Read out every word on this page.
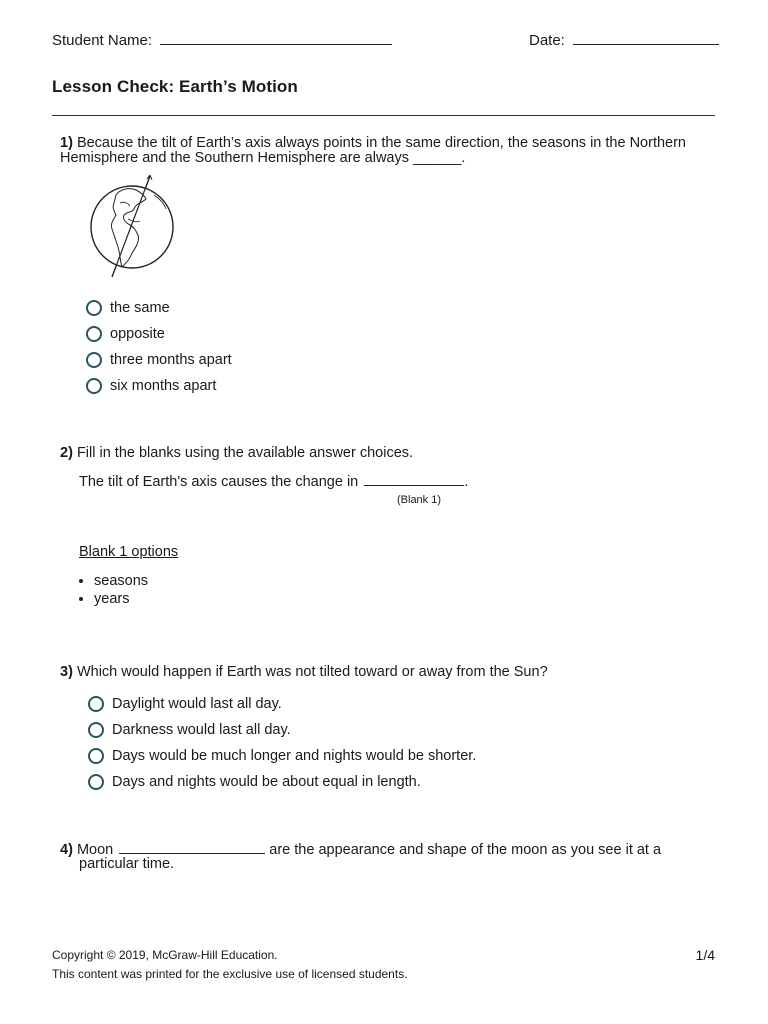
Student Name:	Date:
Lesson Check: Earth’s Motion
1) Because the tilt of Earth’s axis always points in the same direction, the seasons in the Northern Hemisphere and the Southern Hemisphere are always ______.
the same
opposite
three months apart
six months apart
2) Fill in the blanks using the available answer choices.
The tilt of Earth's axis causes the change in	.
(Blank 1)
Blank 1 options
seasons
years
3) Which would happen if Earth was not tilted toward or away from the Sun?
Daylight would last all day.
Darkness would last all day.
Days would be much longer and nights would be shorter.
Days and nights would be about equal in length.
4) Moon	are the appearance and shape of the moon as you see it at a
particular time.
Copyright © 2019, McGraw-Hill Education.
This content was printed for the exclusive use of licensed students.
1/4
